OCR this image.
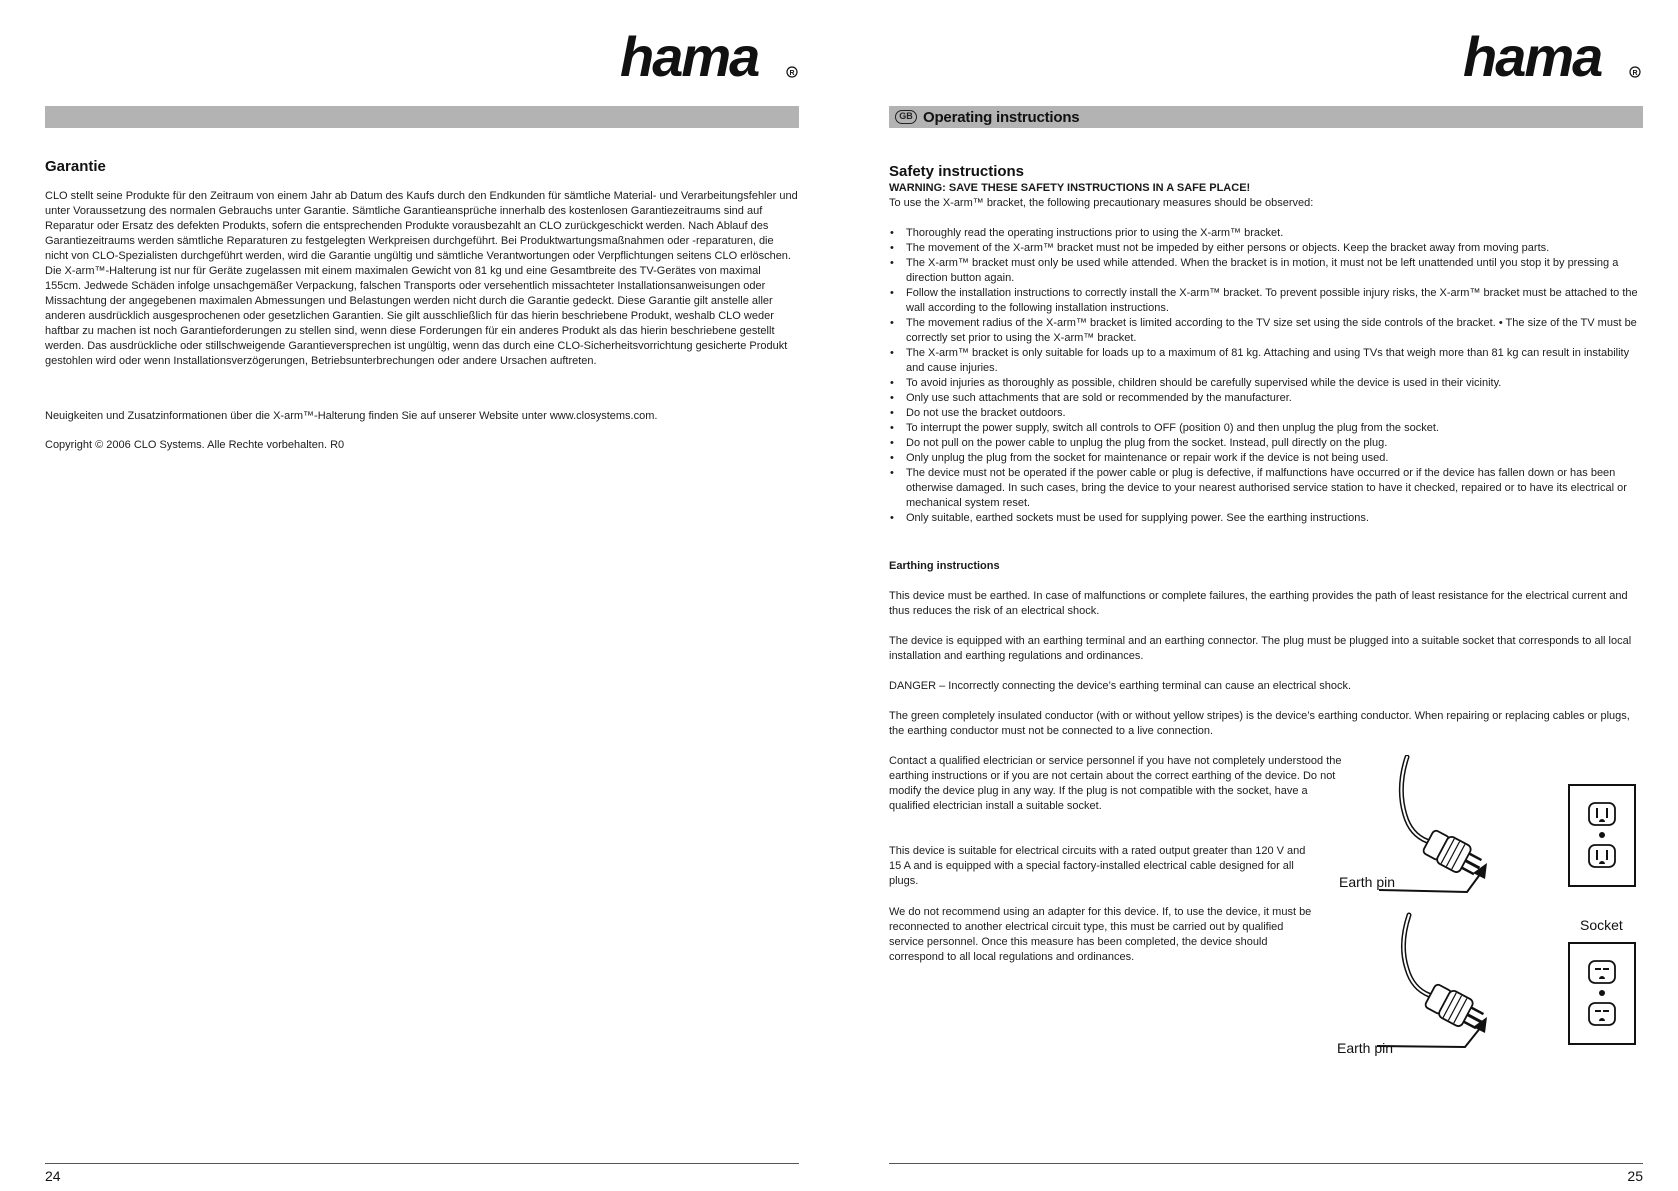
hama	R
Garantie
CLO stellt seine Produkte für den Zeitraum von einem Jahr ab Datum des Kaufs durch den Endkunden für sämtliche Material- und Verarbeitungsfehler und unter Voraussetzung des normalen Gebrauchs unter Garantie. Sämtliche Garantieansprüche innerhalb des kostenlosen Garantiezeitraums sind auf Reparatur oder Ersatz des defekten Produkts, sofern die entsprechenden Produkte vorausbezahlt an CLO zurückgeschickt werden. Nach Ablauf des Garantiezeitraums werden sämtliche Reparaturen zu festgelegten Werkpreisen durchgeführt. Bei Produktwartungsmaßnahmen oder -reparaturen, die nicht von CLO-Spezialisten durchgeführt werden, wird die Garantie ungültig und sämtliche Verantwortungen oder Verpflichtungen seitens CLO erlöschen. Die X-arm™-Halterung ist nur für Geräte zugelassen mit einem maximalen Gewicht von 81 kg und eine Gesamtbreite des TV-Gerätes von maximal 155cm. Jedwede Schäden infolge unsachgemäßer Verpackung, falschen Transports oder versehentlich missachteter Installationsanweisungen oder Missachtung der angegebenen maximalen Abmessungen und Belastungen werden nicht durch die Garantie gedeckt. Diese Garantie gilt anstelle aller anderen ausdrücklich ausgesprochenen oder gesetzlichen Garantien. Sie gilt ausschließlich für das hierin beschriebene Produkt, weshalb CLO weder haftbar zu machen ist noch Garantieforderungen zu stellen sind, wenn diese Forderungen für ein anderes Produkt als das hierin beschriebene gestellt werden. Das ausdrückliche oder stillschweigende Garantieversprechen ist ungültig, wenn das durch eine CLO-Sicherheitsvorrichtung gesicherte Produkt gestohlen wird oder wenn Installationsverzögerungen, Betriebsunterbrechungen oder andere Ursachen auftreten.
Neuigkeiten und Zusatzinformationen über die X-arm™-Halterung finden Sie auf unserer Website unter www.closystems.com.
Copyright © 2006 CLO Systems. Alle Rechte vorbehalten. R0
24
hama	R
GB Operating instructions
Safety instructions
WARNING: SAVE THESE SAFETY INSTRUCTIONS IN A SAFE PLACE!
To use the X-arm™ bracket, the following precautionary measures should be observed:
• Thoroughly read the operating instructions prior to using the X-arm™ bracket.
• The movement of the X-arm™ bracket must not be impeded by either persons or objects. Keep the bracket away from moving parts.
• The X-arm™ bracket must only be used while attended. When the bracket is in motion, it must not be left unattended until you stop it by pressing a direction button again.
• Follow the installation instructions to correctly install the X-arm™ bracket. To prevent possible injury risks, the X-arm™ bracket must be attached to the wall according to the following installation instructions.
• The movement radius of the X-arm™ bracket is limited according to the TV size set using the side controls of the bracket. • The size of the TV must be correctly set prior to using the X-arm™ bracket.
• The X-arm™ bracket is only suitable for loads up to a maximum of 81 kg. Attaching and using TVs that weigh more than 81 kg can result in instability and cause injuries.
• To avoid injuries as thoroughly as possible, children should be carefully supervised while the device is used in their vicinity.
• Only use such attachments that are sold or recommended by the manufacturer.
• Do not use the bracket outdoors.
• To interrupt the power supply, switch all controls to OFF (position 0) and then unplug the plug from the socket.
• Do not pull on the power cable to unplug the plug from the socket. Instead, pull directly on the plug.
• Only unplug the plug from the socket for maintenance or repair work if the device is not being used.
• The device must not be operated if the power cable or plug is defective, if malfunctions have occurred or if the device has fallen down or has been otherwise damaged. In such cases, bring the device to your nearest authorised service station to have it checked, repaired or to have its electrical or mechanical system reset.
• Only suitable, earthed sockets must be used for supplying power. See the earthing instructions.
Earthing instructions
This device must be earthed. In case of malfunctions or complete failures, the earthing provides the path of least resistance for the electrical current and thus reduces the risk of an electrical shock.
The device is equipped with an earthing terminal and an earthing connector. The plug must be plugged into a suitable socket that corresponds to all local installation and earthing regulations and ordinances.
DANGER – Incorrectly connecting the device’s earthing terminal can cause an electrical shock.
The green completely insulated conductor (with or without yellow stripes) is the device’s earthing conductor. When repairing or replacing cables or plugs, the earthing conductor must not be connected to a live connection.
Contact a qualified electrician or service personnel if you have not completely understood the earthing instructions or if you are not certain about the correct earthing of the device. Do not modify the device plug in any way. If the plug is not compatible with the socket, have a qualified electrician install a suitable socket.
This device is suitable for electrical circuits with a rated output greater than 120 V and 15 A and is equipped with a special factory-installed electrical cable designed for all plugs.
We do not recommend using an adapter for this device. If, to use the device, it must be reconnected to another electrical circuit type, this must be carried out by qualified service personnel. Once this measure has been completed, the device should correspond to all local regulations and ordinances.
Earth pin
Earth pin
Socket
25
